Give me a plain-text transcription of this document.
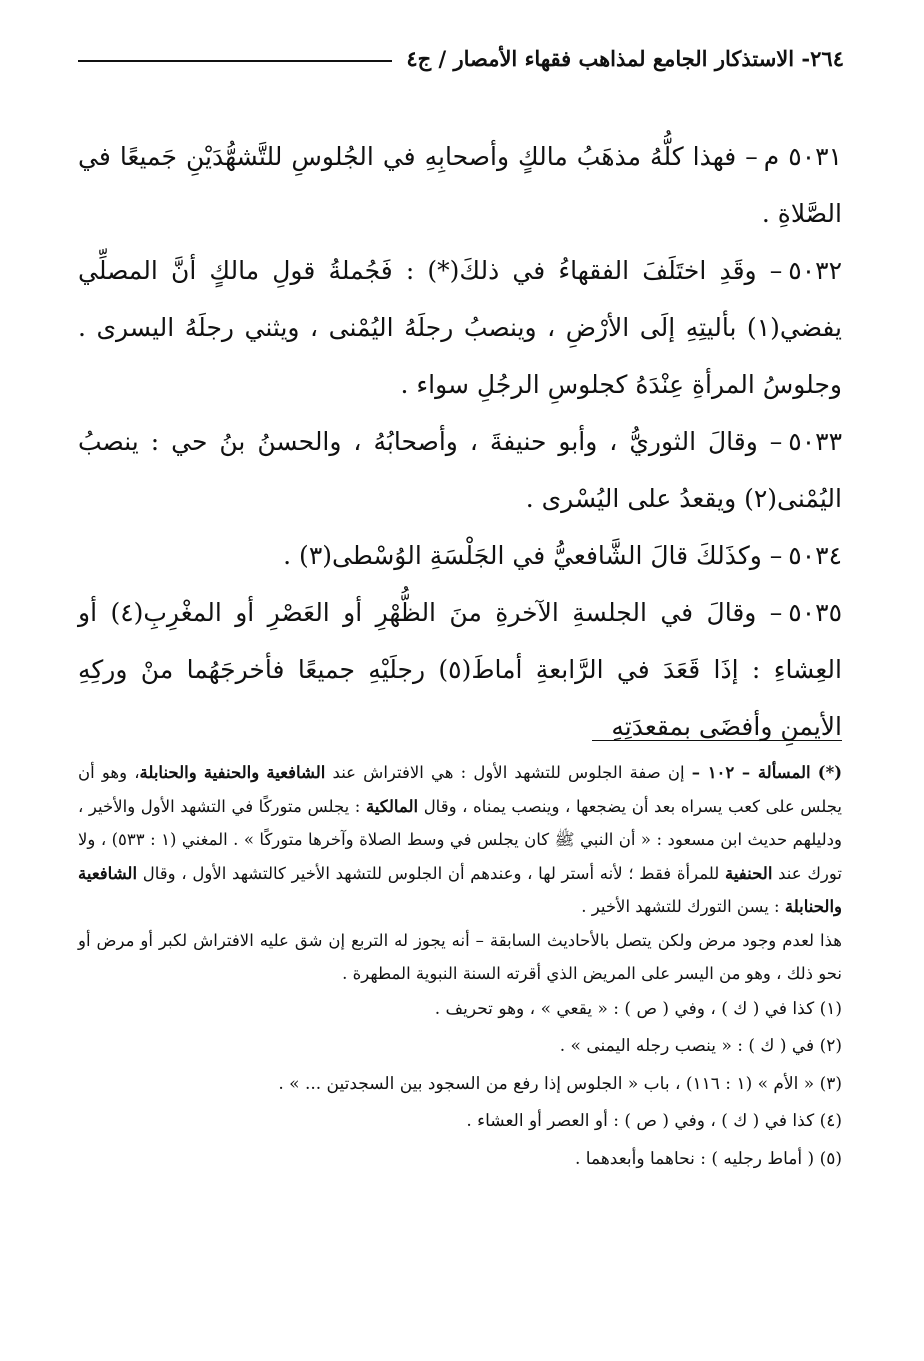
٢٦٤- الاستذكار الجامع لمذاهب فقهاء الأمصار / ج٤

٥٠٣١ م– فهذا كلُّهُ مذهَبُ مالكٍ وأصحابِهِ في الجُلوسِ للتَّشهُّدَيْنِ جَميعًا في الصَّلاةِ .

٥٠٣٢– وقَدِ اختَلَفَ الفقهاءُ في ذلكَ(*) : فَجُملةُ قولِ مالكٍ أنَّ المصلِّي يفضي(١) بأليتِهِ إلَى الأرْضِ ، وينصبُ رجلَهُ اليُمْنى ، ويثني رجلَهُ اليسرى . وجلوسُ المرأةِ عِنْدَهُ كجلوسِ الرجُلِ سواء .

٥٠٣٣– وقالَ الثوريُّ ، وأبو حنيفةَ ، وأصحابُهُ ، والحسنُ بنُ حي : ينصبُ اليُمْنى(٢) ويقعدُ على اليُسْرى .

٥٠٣٤– وكذَلكَ قالَ الشَّافعيُّ في الجَلْسَةِ الوُسْطى(٣) .

٥٠٣٥– وقالَ في الجلسةِ الآخرةِ منَ الظُّهْرِ أو العَصْرِ أو المغْرِبِ(٤) أو العِشاءِ : إذَا قَعَدَ في الرَّابعةِ أماطَ(٥) رجلَيْهِ جميعًا فأخرجَهُما منْ وركِهِ الأيمنِ وأفضَى بمقعدَتِهِ

(*) المسألة – ١٠٢ – إن صفة الجلوس للتشهد الأول : هي الافتراش عند الشافعية والحنفية والحنابلة، وهو أن يجلس على كعب يسراه بعد أن يضجعها ، وينصب يمناه ، وقال المالكية : يجلس متوركًا في التشهد الأول والأخير ، ودليلهم حديث ابن مسعود : « أن النبي ﷺ كان يجلس في وسط الصلاة وآخرها متوركًا » . المغني (١ : ٥٣٣) ، ولا تورك عند الحنفية للمرأة فقط ؛ لأنه أستر لها ، وعندهم أن الجلوس للتشهد الأخير كالتشهد الأول ، وقال الشافعية والحنابلة : يسن التورك للتشهد الأخير .

هذا لعدم وجود مرض ولكن يتصل بالأحاديث السابقة – أنه يجوز له التربع إن شق عليه الافتراش لكبر أو مرض أو نحو ذلك ، وهو من اليسر على المريض الذي أقرته السنة النبوية المطهرة .

(١) كذا في ( ك ) ، وفي ( ص ) : « يقعي » ، وهو تحريف .

(٢) في ( ك ) : « ينصب رجله اليمنى » .

(٣) « الأم » (١ : ١١٦) ، باب « الجلوس إذا رفع من السجود بين السجدتين ... » .

(٤) كذا في ( ك ) ، وفي ( ص ) : أو العصر أو العشاء .

(٥) ( أماط رجليه ) : نحاهما وأبعدهما .
